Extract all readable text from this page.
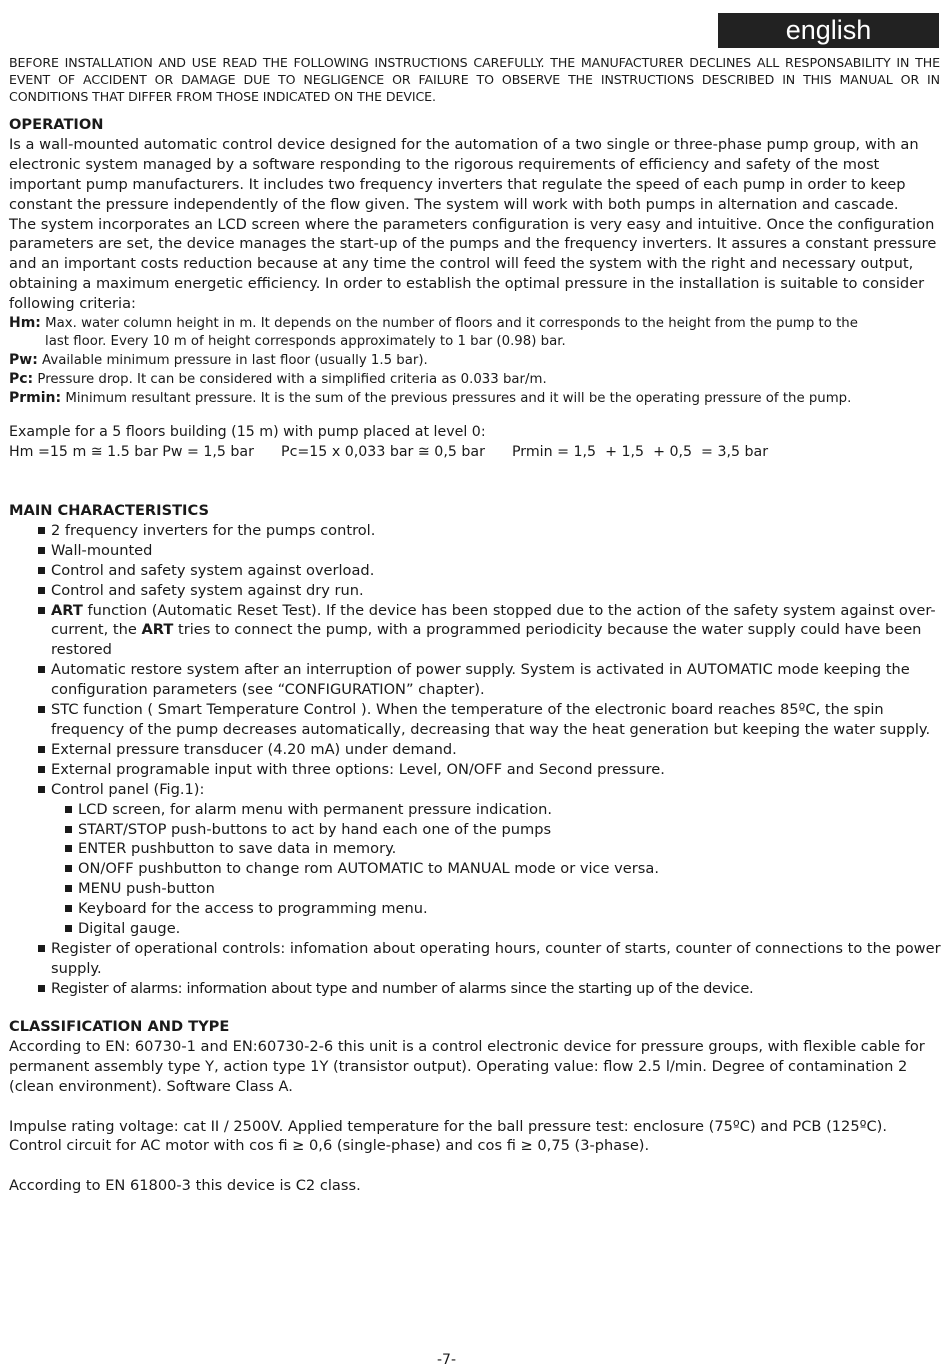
english

BEFORE INSTALLATION AND USE READ THE FOLLOWING INSTRUCTIONS CAREFULLY. THE MANUFACTURER DECLINES ALL RESPONSABILITY IN THE EVENT OF ACCIDENT OR DAMAGE DUE TO NEGLIGENCE OR FAILURE TO OBSERVE THE INSTRUCTIONS DESCRIBED IN THIS MANUAL OR IN CONDITIONS THAT DIFFER FROM THOSE INDICATED ON THE DEVICE.

OPERATION

Is a wall-mounted automatic control device designed for the automation of a two single or three-phase pump group, with an electronic system managed by a software responding to the rigorous requirements of efficiency and safety of the most important pump manufacturers. It includes two frequency inverters that regulate the speed of each pump in order to keep constant the pressure independently of the flow given. The system will work with both pumps in alternation and cascade.

The system incorporates an LCD screen where the parameters configuration is very easy and intuitive. Once the configuration parameters are set, the device manages the start-up of the pumps and the frequency inverters. It assures a constant pressure and an important costs reduction because at any time the control will feed the system with the right and necessary output, obtaining a maximum energetic efficiency. In order to establish the optimal pressure in the installation is suitable to consider following criteria:

Hm: Max. water column height in m. It depends on the number of floors and it corresponds to the height from the pump to the
last floor. Every 10 m of height corresponds approximately to 1 bar (0.98) bar.

Pw: Available minimum pressure in last floor (usually 1.5 bar).

Pc: Pressure drop. It can be considered with a simplified criteria as 0.033 bar/m.

Prmin: Minimum resultant pressure. It is the sum of the previous pressures and it will be the operating pressure of the pump.

Example for a 5 floors building (15 m) with pump placed at level 0:

Hm =15 m ≅ 1.5 bar Pw = 1,5 bar      Pc=15 x 0,033 bar ≅ 0,5 bar      Prmin = 1,5  + 1,5  + 0,5  = 3,5 bar

MAIN CHARACTERISTICS

2 frequency inverters for the pumps control.
Wall-mounted
Control and safety system against overload.
Control and safety system against dry run.
ART function (Automatic Reset Test). If the device has been stopped due to the action of the safety system against over-
current, the ART tries to connect the pump, with a programmed periodicity because the water supply could have been
restored
Automatic restore system after an interruption of power supply. System is activated in AUTOMATIC mode keeping the
configuration parameters (see “CONFIGURATION” chapter).
STC function ( Smart Temperature Control ). When the temperature of the electronic board reaches 85ºC, the spin
frequency of the pump decreases automatically, decreasing that way the heat generation but keeping the water supply.
External pressure transducer (4.20 mA) under demand.
External programable input with three options: Level, ON/OFF and Second pressure.
Control panel (Fig.1):
LCD screen, for alarm menu with permanent pressure indication.
START/STOP push-buttons to act by hand each one of the pumps
ENTER pushbutton to save data in memory.
ON/OFF pushbutton to change rom AUTOMATIC to MANUAL mode or vice versa.
MENU push-button
Keyboard for the access to programming menu.
Digital gauge.
Register of operational controls: infomation about operating hours, counter of starts, counter of connections to the power
supply.
Register of alarms: information about type and number of alarms since the starting up of the device.

CLASSIFICATION AND TYPE

According to EN: 60730-1 and EN:60730-2-6 this unit is a control electronic device for pressure groups, with flexible cable for permanent assembly type Y, action type 1Y (transistor output). Operating value: flow 2.5 l/min. Degree of contamination 2 (clean environment). Software Class A.

Impulse rating voltage: cat II / 2500V. Applied temperature for the ball pressure test: enclosure (75ºC) and PCB (125ºC).

Control circuit for AC motor with cos fi ≥ 0,6 (single-phase) and cos fi ≥ 0,75 (3-phase).

According to EN 61800-3 this device is C2 class.

-7-
